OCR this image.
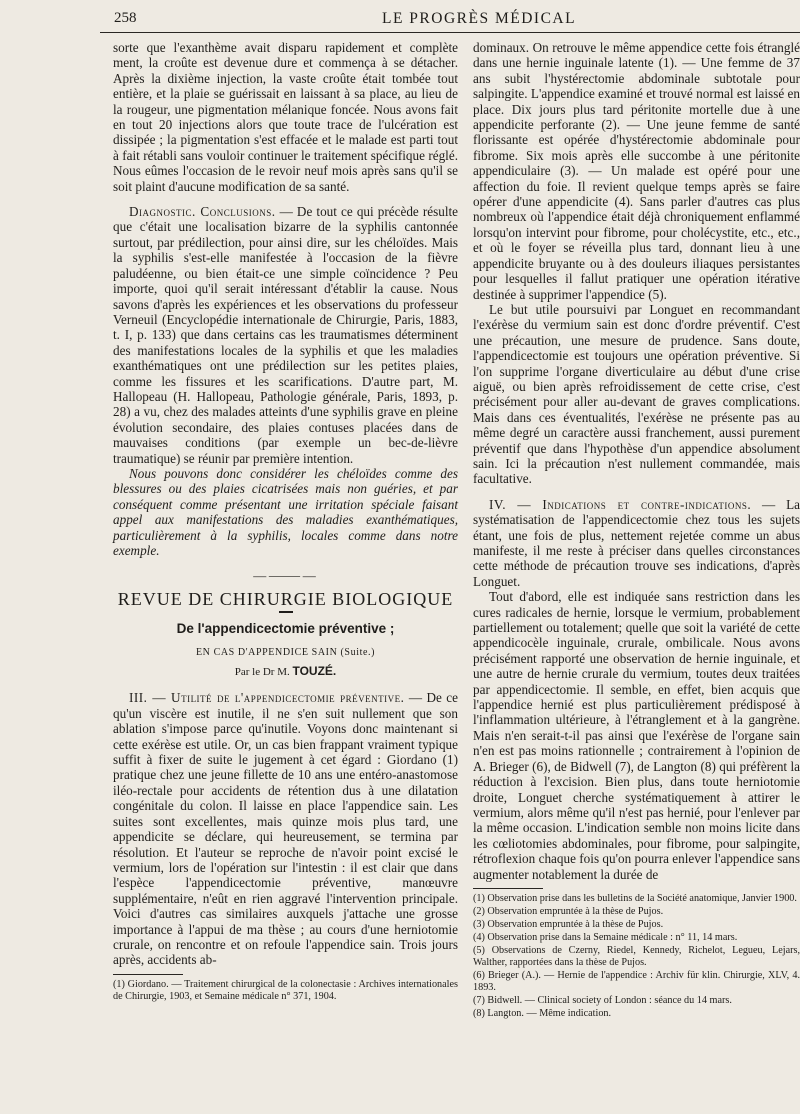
258	LE PROGRÈS MÉDICAL

sorte que l'exanthème avait disparu rapidement et complète ment, la croûte est devenue dure et commença à se détacher. Après la dixième injection, la vaste croûte était tombée tout entière, et la plaie se guérissait en laissant à sa place, au lieu de la rougeur, une pigmentation mélanique foncée. Nous avons fait en tout 20 injections alors que toute trace de l'ulcération est dissipée ; la pigmentation s'est effacée et le malade est parti tout à fait rétabli sans vouloir continuer le traitement spécifique réglé. Nous eûmes l'occasion de le revoir neuf mois après sans qu'il se soit plaint d'aucune modification de sa santé.

Diagnostic. Conclusions. — De tout ce qui précède résulte que c'était une localisation bizarre de la syphilis cantonnée surtout, par prédilection, pour ainsi dire, sur les chéloïdes. Mais la syphilis s'est-elle manifestée à l'occasion de la fièvre paludéenne, ou bien était-ce une simple coïncidence ? Peu importe, quoi qu'il serait intéressant d'établir la cause. Nous savons d'après les expériences et les observations du professeur Verneuil (Encyclopédie internationale de Chirurgie, Paris, 1883, t. I, p. 133) que dans certains cas les traumatismes déterminent des manifestations locales de la syphilis et que les maladies exanthématiques ont une prédilection sur les petites plaies, comme les fissures et les scarifications. D'autre part, M. Hallopeau (H. Hallopeau, Pathologie générale, Paris, 1893, p. 28) a vu, chez des malades atteints d'une syphilis grave en pleine évolution secondaire, des plaies contuses placées dans de mauvaises conditions (par exemple un bec-de-lièvre traumatique) se réunir par première intention.

Nous pouvons donc considérer les chéloïdes comme des blessures ou des plaies cicatrisées mais non guéries, et par conséquent comme présentant une irritation spéciale faisant appel aux manifestations des maladies exanthématiques, particulièrement à la syphilis, locales comme dans notre exemple.

—⸻—
REVUE DE CHIRURGIE BIOLOGIQUE
De l'appendicectomie préventive ;
EN CAS D'APPENDICE SAIN (Suite.)
Par le Dr M. TOUZÉ.

III. — Utilité de l'appendicectomie préventive. — De ce qu'un viscère est inutile, il ne s'en suit nullement que son ablation s'impose parce qu'inutile. Voyons donc maintenant si cette exérèse est utile. Or, un cas bien frappant vraiment typique suffit à fixer de suite le jugement à cet égard : Giordano (1) pratique chez une jeune fillette de 10 ans une entéro-anastomose iléo-rectale pour accidents de rétention dus à une dilatation congénitale du colon. Il laisse en place l'appendice sain. Les suites sont excellentes, mais quinze mois plus tard, une appendicite se déclare, qui heureusement, se termina par résolution. Et l'auteur se reproche de n'avoir point excisé le vermium, lors de l'opération sur l'intestin : il est clair que dans l'espèce l'appendicectomie préventive, manœuvre supplémentaire, n'eût en rien aggravé l'intervention principale. Voici d'autres cas similaires auxquels j'attache une grosse importance à l'appui de ma thèse ; au cours d'une herniotomie crurale, on rencontre et on refoule l'appendice sain. Trois jours après, accidents ab-

(1) Giordano. — Traitement chirurgical de la colonectasie : Archives internationales de Chirurgie, 1903, et Semaine médicale n° 371, 1904.

dominaux. On retrouve le même appendice cette fois étranglé dans une hernie inguinale latente (1). — Une femme de 37 ans subit l'hystérectomie abdominale subtotale pour salpingite. L'appendice examiné et trouvé normal est laissé en place. Dix jours plus tard péritonite mortelle due à une appendicite perforante (2). — Une jeune femme de santé florissante est opérée d'hystérectomie abdominale pour fibrome. Six mois après elle succombe à une péritonite appendiculaire (3). — Un malade est opéré pour une affection du foie. Il revient quelque temps après se faire opérer d'une appendicite (4). Sans parler d'autres cas plus nombreux où l'appendice était déjà chroniquement enflammé lorsqu'on intervint pour fibrome, pour cholécystite, etc., etc., et où le foyer se réveilla plus tard, donnant lieu à une appendicite bruyante ou à des douleurs iliaques persistantes pour lesquelles il fallut pratiquer une opération itérative destinée à supprimer l'appendice (5).

Le but utile poursuivi par Longuet en recommandant l'exérèse du vermium sain est donc d'ordre préventif. C'est une précaution, une mesure de prudence. Sans doute, l'appendicectomie est toujours une opération préventive. Si l'on supprime l'organe diverticulaire au début d'une crise aiguë, ou bien après refroidissement de cette crise, c'est précisément pour aller au-devant de graves complications. Mais dans ces éventualités, l'exérèse ne présente pas au même degré un caractère aussi franchement, aussi purement préventif que dans l'hypothèse d'un appendice absolument sain. Ici la précaution n'est nullement commandée, mais facultative.

IV. — Indications et contre-indications. — La systématisation de l'appendicectomie chez tous les sujets étant, une fois de plus, nettement rejetée comme un abus manifeste, il me reste à préciser dans quelles circonstances cette méthode de précaution trouve ses indications, d'après Longuet.

Tout d'abord, elle est indiquée sans restriction dans les cures radicales de hernie, lorsque le vermium, probablement partiellement ou totalement; quelle que soit la variété de cette appendicocèle inguinale, crurale, ombilicale. Nous avons précisément rapporté une observation de hernie inguinale, et une autre de hernie crurale du vermium, toutes deux traitées par appendicectomie. Il semble, en effet, bien acquis que l'appendice hernié est plus particulièrement prédisposé à l'inflammation ultérieure, à l'étranglement et à la gangrène. Mais n'en serait-t-il pas ainsi que l'exérèse de l'organe sain n'en est pas moins rationnelle ; contrairement à l'opinion de A. Brieger (6), de Bidwell (7), de Langton (8) qui préfèrent la réduction à l'excision. Bien plus, dans toute herniotomie droite, Longuet cherche systématiquement à attirer le vermium, alors même qu'il n'est pas hernié, pour l'enlever par la même occasion. L'indication semble non moins licite dans les cœliotomies abdominales, pour fibrome, pour salpingite, rétroflexion chaque fois qu'on pourra enlever l'appendice sans augmenter notablement la durée de

(1) Observation prise dans les bulletins de la Société anatomique, Janvier 1900.

(2) Observation empruntée à la thèse de Pujos.

(3) Observation empruntée à la thèse de Pujos.

(4) Observation prise dans la Semaine médicale : n° 11, 14 mars.

(5) Observations de Czerny, Riedel, Kennedy, Richelot, Legueu, Lejars, Walther, rapportées dans la thèse de Pujos.

(6) Brieger (A.). — Hernie de l'appendice : Archiv für klin. Chirurgie, XLV, 4. 1893.

(7) Bidwell. — Clinical society of London : séance du 14 mars.

(8) Langton. — Même indication.
